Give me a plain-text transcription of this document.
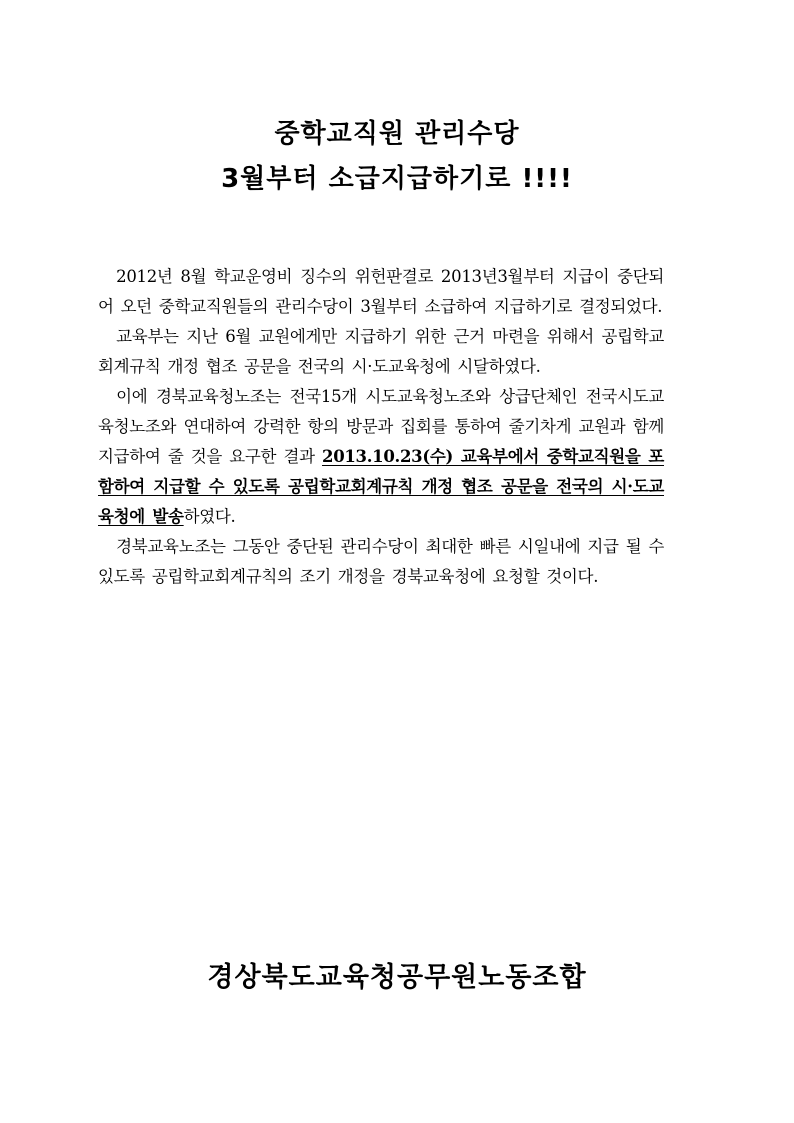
중학교직원 관리수당
3월부터 소급지급하기로 !!!!

2012년 8월 학교운영비 징수의 위헌판결로 2013년3월부터 지급이 중단되어 오던 중학교직원들의 관리수당이 3월부터 소급하여 지급하기로 결정되었다.

교육부는 지난 6월 교원에게만 지급하기 위한 근거 마련을 위해서 공립학교회계규칙 개정 협조 공문을 전국의 시·도교육청에 시달하였다.

이에 경북교육청노조는 전국15개 시도교육청노조와 상급단체인 전국시도교육청노조와 연대하여 강력한 항의 방문과 집회를 통하여 줄기차게 교원과 함께 지급하여 줄 것을 요구한 결과 2013.10.23(수) 교육부에서 중학교직원을 포함하여 지급할 수 있도록 공립학교회계규칙 개정 협조 공문을 전국의 시·도교육청에 발송하였다.

경북교육노조는 그동안 중단된 관리수당이 최대한 빠른 시일내에 지급 될 수 있도록 공립학교회계규칙의 조기 개정을 경북교육청에 요청할 것이다.

경상북도교육청공무원노동조합
